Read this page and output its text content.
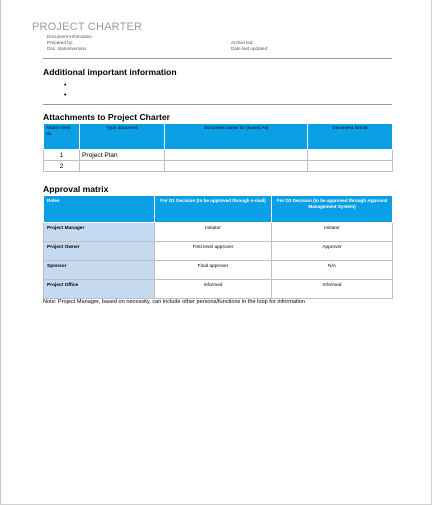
PROJECT CHARTER
Document information
Prepared by:
Doc. status/version
Archivi ted:
Date last updated:
Additional important information
•
•
Attachments to Project Charter
Attach ment no.	Type document	Document name/ ID (Saved As)	Document format
1	Project Plan		
2			
Approval matrix
Roles	For D1 Decision (to be approved through e-mail)	For D2 Decision (to be approved through Approval Management System)
Project Manager	Initiator	Initiator
Project Owner	First level approver	Approver
Sponsor	Final approver	N/A
Project Office	Informed	Informed
Note: Project Manager, based on necessity, can include other persons/functions in the loop for information
